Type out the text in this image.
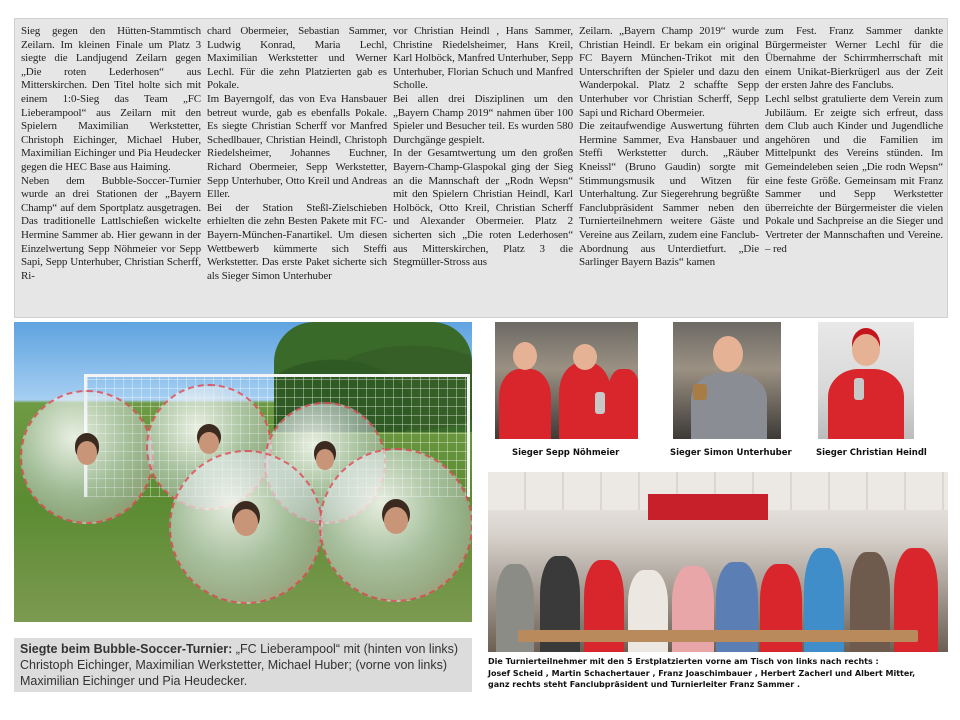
Sieg gegen den Hütten-Stammtisch Zeilarn. Im kleinen Finale um Platz 3 siegte die Landjugend Zeilarn gegen „Die roten Lederhosen“ aus Mitterskirchen. Den Titel holte sich mit einem 1:0-Sieg das Team „FC Lieberampool“ aus Zeilarn mit den Spielern Maximilian Werkstetter, Christoph Eichinger, Michael Huber, Maximilian Eichinger und Pia Heudecker gegen die HEC Base aus Haiming.
Neben dem Bubble-Soccer-Turnier wurde an drei Stationen der „Bayern Champ“ auf dem Sportplatz ausgetragen. Das traditionelle Lattlschießen wickelte Hermine Sammer ab. Hier gewann in der Einzelwertung Sepp Nöhmeier vor Sepp Sapi, Sepp Unterhuber, Christian Scherff, Ri-
chard Obermeier, Sebastian Sammer, Ludwig Konrad, Maria Lechl, Maximilian Werkstetter und Werner Lechl. Für die zehn Platzierten gab es Pokale.
Im Bayerngolf, das von Eva Hansbauer betreut wurde, gab es ebenfalls Pokale. Es siegte Christian Scherff vor Manfred Schedlbauer, Christian Heindl, Christoph Riedelsheimer, Johannes Euchner, Richard Obermeier, Sepp Werkstetter, Sepp Unterhuber, Otto Kreil und Andreas Eller.
Bei der Station Steßl-Zielschieben erhielten die zehn Besten Pakete mit FC-Bayern-München-Fanartikel. Um diesen Wettbewerb kümmerte sich Steffi Werkstetter. Das erste Paket sicherte sich als Sieger Simon Unterhuber
vor Christian Heindl , Hans Sammer, Christine Riedelsheimer, Hans Kreil, Karl Holböck, Manfred Unterhuber, Sepp Unterhuber, Florian Schuch und Manfred Scholle.
Bei allen drei Disziplinen um den „Bayern Champ 2019“ nahmen über 100 Spieler und Besucher teil. Es wurden 580 Durchgänge gespielt.
In der Gesamtwertung um den großen Bayern-Champ-Glaspokal ging der Sieg an die Mannschaft der „Rodn Wepsn“ mit den Spielern Christian Heindl, Karl Holböck, Otto Kreil, Christian Scherff und Alexander Obermeier. Platz 2 sicherten sich „Die roten Lederhosen“ aus Mitterskirchen, Platz 3 die Stegmüller-Stross aus
Zeilarn. „Bayern Champ 2019“ wurde Christian Heindl. Er bekam ein original FC Bayern München-Trikot mit den Unterschriften der Spieler und dazu den Wanderpokal. Platz 2 schaffte Sepp Unterhuber vor Christian Scherff, Sepp Sapi und Richard Obermeier.
Die zeitaufwendige Auswertung führten Hermine Sammer, Eva Hansbauer und Steffi Werkstetter durch. „Räuber Kneissl“ (Bruno Gaudin) sorgte mit Stimmungsmusik und Witzen für Unterhaltung. Zur Siegerehrung begrüßte Fanclubpräsident Sammer neben den Turnierteilnehmern weitere Gäste und Vereine aus Zeilarn, zudem eine Fanclub-Abordnung aus Unterdietfurt. „Die Sarlinger Bayern Bazis“ kamen
zum Fest. Franz Sammer dankte Bürgermeister Werner Lechl für die Übernahme der Schirrmherrschaft mit einem Unikat-Bierkrügerl aus der Zeit der ersten Jahre des Fanclubs.
Lechl selbst gratulierte dem Verein zum Jubiläum. Er zeigte sich erfreut, dass dem Club auch Kinder und Jugendliche angehören und die Familien im Mittelpunkt des Vereins stünden. Im Gemeindeleben seien „Die rodn Wepsn“ eine feste Größe. Gemeinsam mit Franz Sammer und Sepp Werkstetter überreichte der Bürgermeister die vielen Pokale und Sachpreise an die Sieger und Vertreter der Mannschaften und Vereine. – red
Siegte beim Bubble-Soccer-Turnier: „FC Lieberampool“ mit (hinten von links) Christoph Eichinger, Maximilian Werkstetter, Michael Huber; (vorne von links) Maximilian Eichinger und Pia Heudecker.
Sieger Sepp Nöhmeier	Sieger Simon Unterhuber	Sieger Christian Heindl
Die Turnierteilnehmer mit den 5 Erstplatzierten vorne am Tisch von links nach rechts :
Josef Scheid , Martin Schachertauer , Franz Joaschimbauer , Herbert Zacherl und Albert Mitter,
ganz rechts steht Fanclubpräsident und Turnierleiter Franz Sammer .
